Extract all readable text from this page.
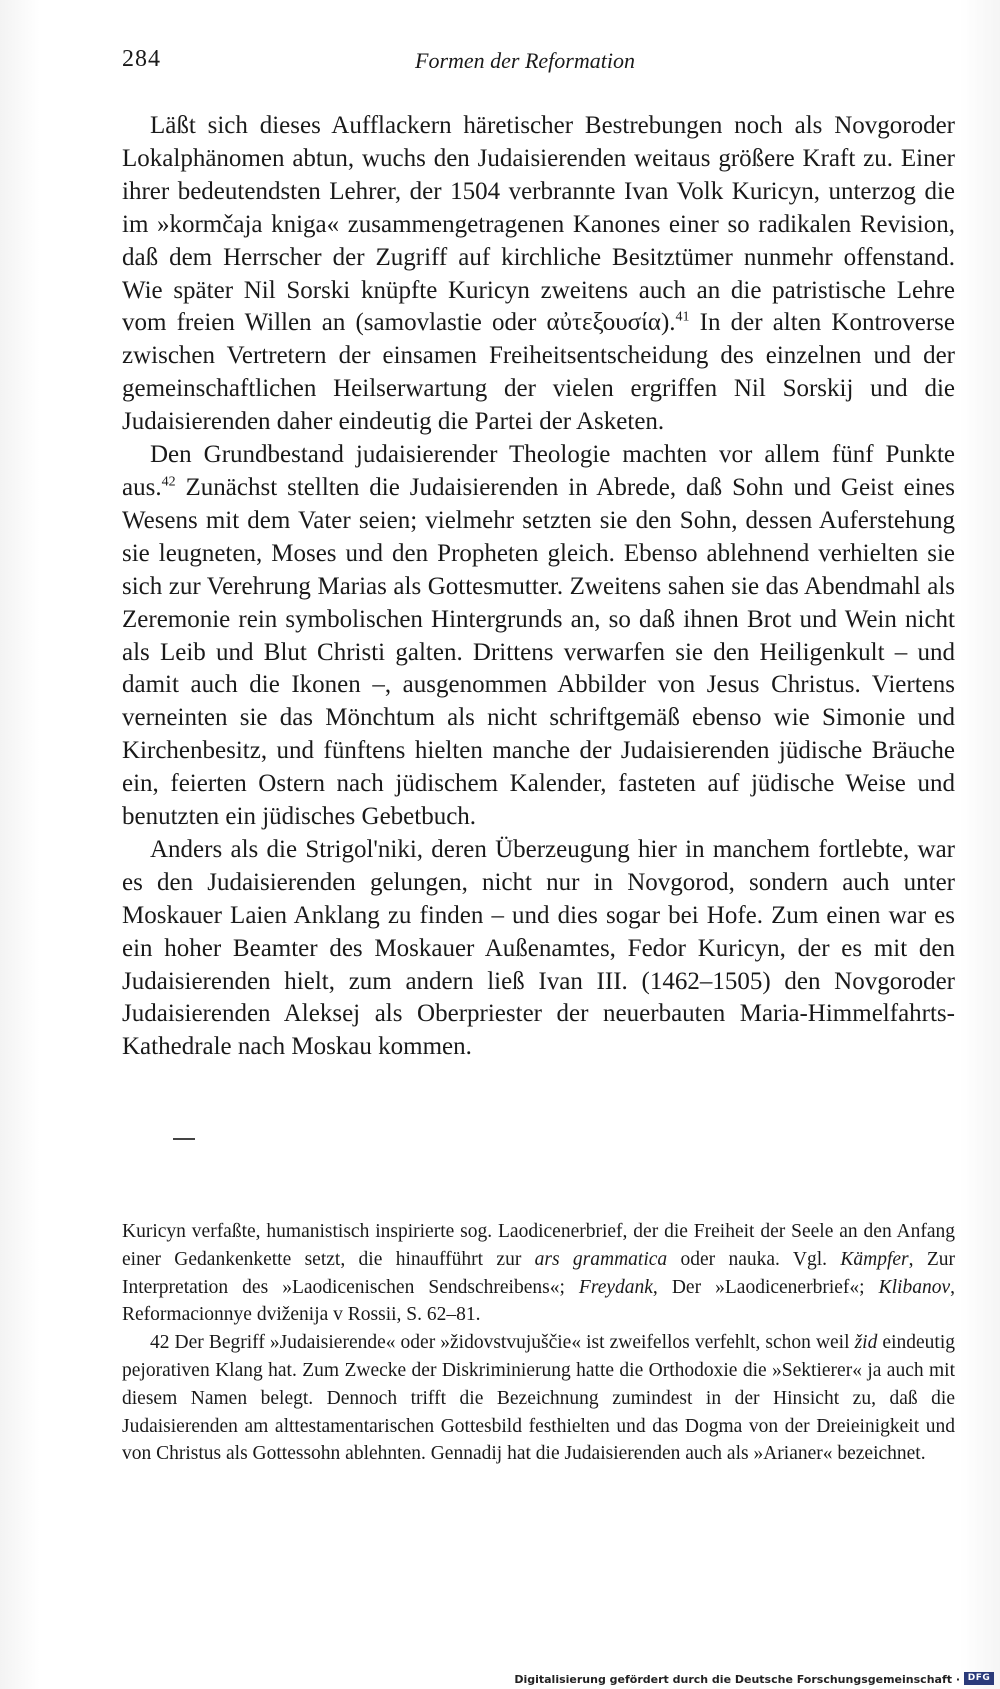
284	Formen der Reformation

Läßt sich dieses Aufflackern häretischer Bestrebungen noch als Novgoroder Lokalphänomen abtun, wuchs den Judaisierenden weitaus größere Kraft zu. Einer ihrer bedeutendsten Lehrer, der 1504 verbrannte Ivan Volk Kuricyn, unterzog die im »kormčaja kniga« zusammengetragenen Kanones einer so radikalen Revision, daß dem Herrscher der Zugriff auf kirchliche Besitztümer nunmehr offenstand. Wie später Nil Sorski knüpfte Kuricyn zweitens auch an die patristische Lehre vom freien Willen an (samovlastie oder αὐτεξουσία).$^{41}$ In der alten Kontroverse zwischen Vertretern der einsamen Freiheitsentscheidung des einzelnen und der gemeinschaftlichen Heilserwartung der vielen ergriffen Nil Sorskij und die Judaisierenden daher eindeutig die Partei der Asketen.

Den Grundbestand judaisierender Theologie machten vor allem fünf Punkte aus.$^{42}$ Zunächst stellten die Judaisierenden in Abrede, daß Sohn und Geist eines Wesens mit dem Vater seien; vielmehr setzten sie den Sohn, dessen Auferstehung sie leugneten, Moses und den Propheten gleich. Ebenso ablehnend verhielten sie sich zur Verehrung Marias als Gottesmutter. Zweitens sahen sie das Abendmahl als Zeremonie rein symbolischen Hintergrunds an, so daß ihnen Brot und Wein nicht als Leib und Blut Christi galten. Drittens verwarfen sie den Heiligenkult – und damit auch die Ikonen –, ausgenommen Abbilder von Jesus Christus. Viertens verneinten sie das Mönchtum als nicht schriftgemäß ebenso wie Simonie und Kirchenbesitz, und fünftens hielten manche der Judaisierenden jüdische Bräuche ein, feierten Ostern nach jüdischem Kalender, fasteten auf jüdische Weise und benutzten ein jüdisches Gebetbuch.

Anders als die Strigol'niki, deren Überzeugung hier in manchem fortlebte, war es den Judaisierenden gelungen, nicht nur in Novgorod, sondern auch unter Moskauer Laien Anklang zu finden – und dies sogar bei Hofe. Zum einen war es ein hoher Beamter des Moskauer Außenamtes, Fedor Kuricyn, der es mit den Judaisierenden hielt, zum andern ließ Ivan III. (1462–1505) den Novgoroder Judaisierenden Aleksej als Oberpriester der neuerbauten Maria-Himmelfahrts-Kathedrale nach Moskau kommen.

Kuricyn verfaßte, humanistisch inspirierte sog. Laodicenerbrief, der die Freiheit der Seele an den Anfang einer Gedankenkette setzt, die hinaufführt zur ars grammatica oder nauka. Vgl. Kämpfer, Zur Interpretation des »Laodicenischen Sendschreibens«; Freydank, Der »Laodicenerbrief«; Klibanov, Reformacionnye dviženija v Rossii, S. 62–81.

42 Der Begriff »Judaisierende« oder »židovstvujuščie« ist zweifellos verfehlt, schon weil žid eindeutig pejorativen Klang hat. Zum Zwecke der Diskriminierung hatte die Orthodoxie die »Sektierer« ja auch mit diesem Namen belegt. Dennoch trifft die Bezeichnung zumindest in der Hinsicht zu, daß die Judaisierenden am alttestamentarischen Gottesbild festhielten und das Dogma von der Dreieinigkeit und von Christus als Gottessohn ablehnten. Gennadij hat die Judaisierenden auch als »Arianer« bezeichnet.

Digitalisierung gefördert durch die Deutsche Forschungsgemeinschaft · DFG
